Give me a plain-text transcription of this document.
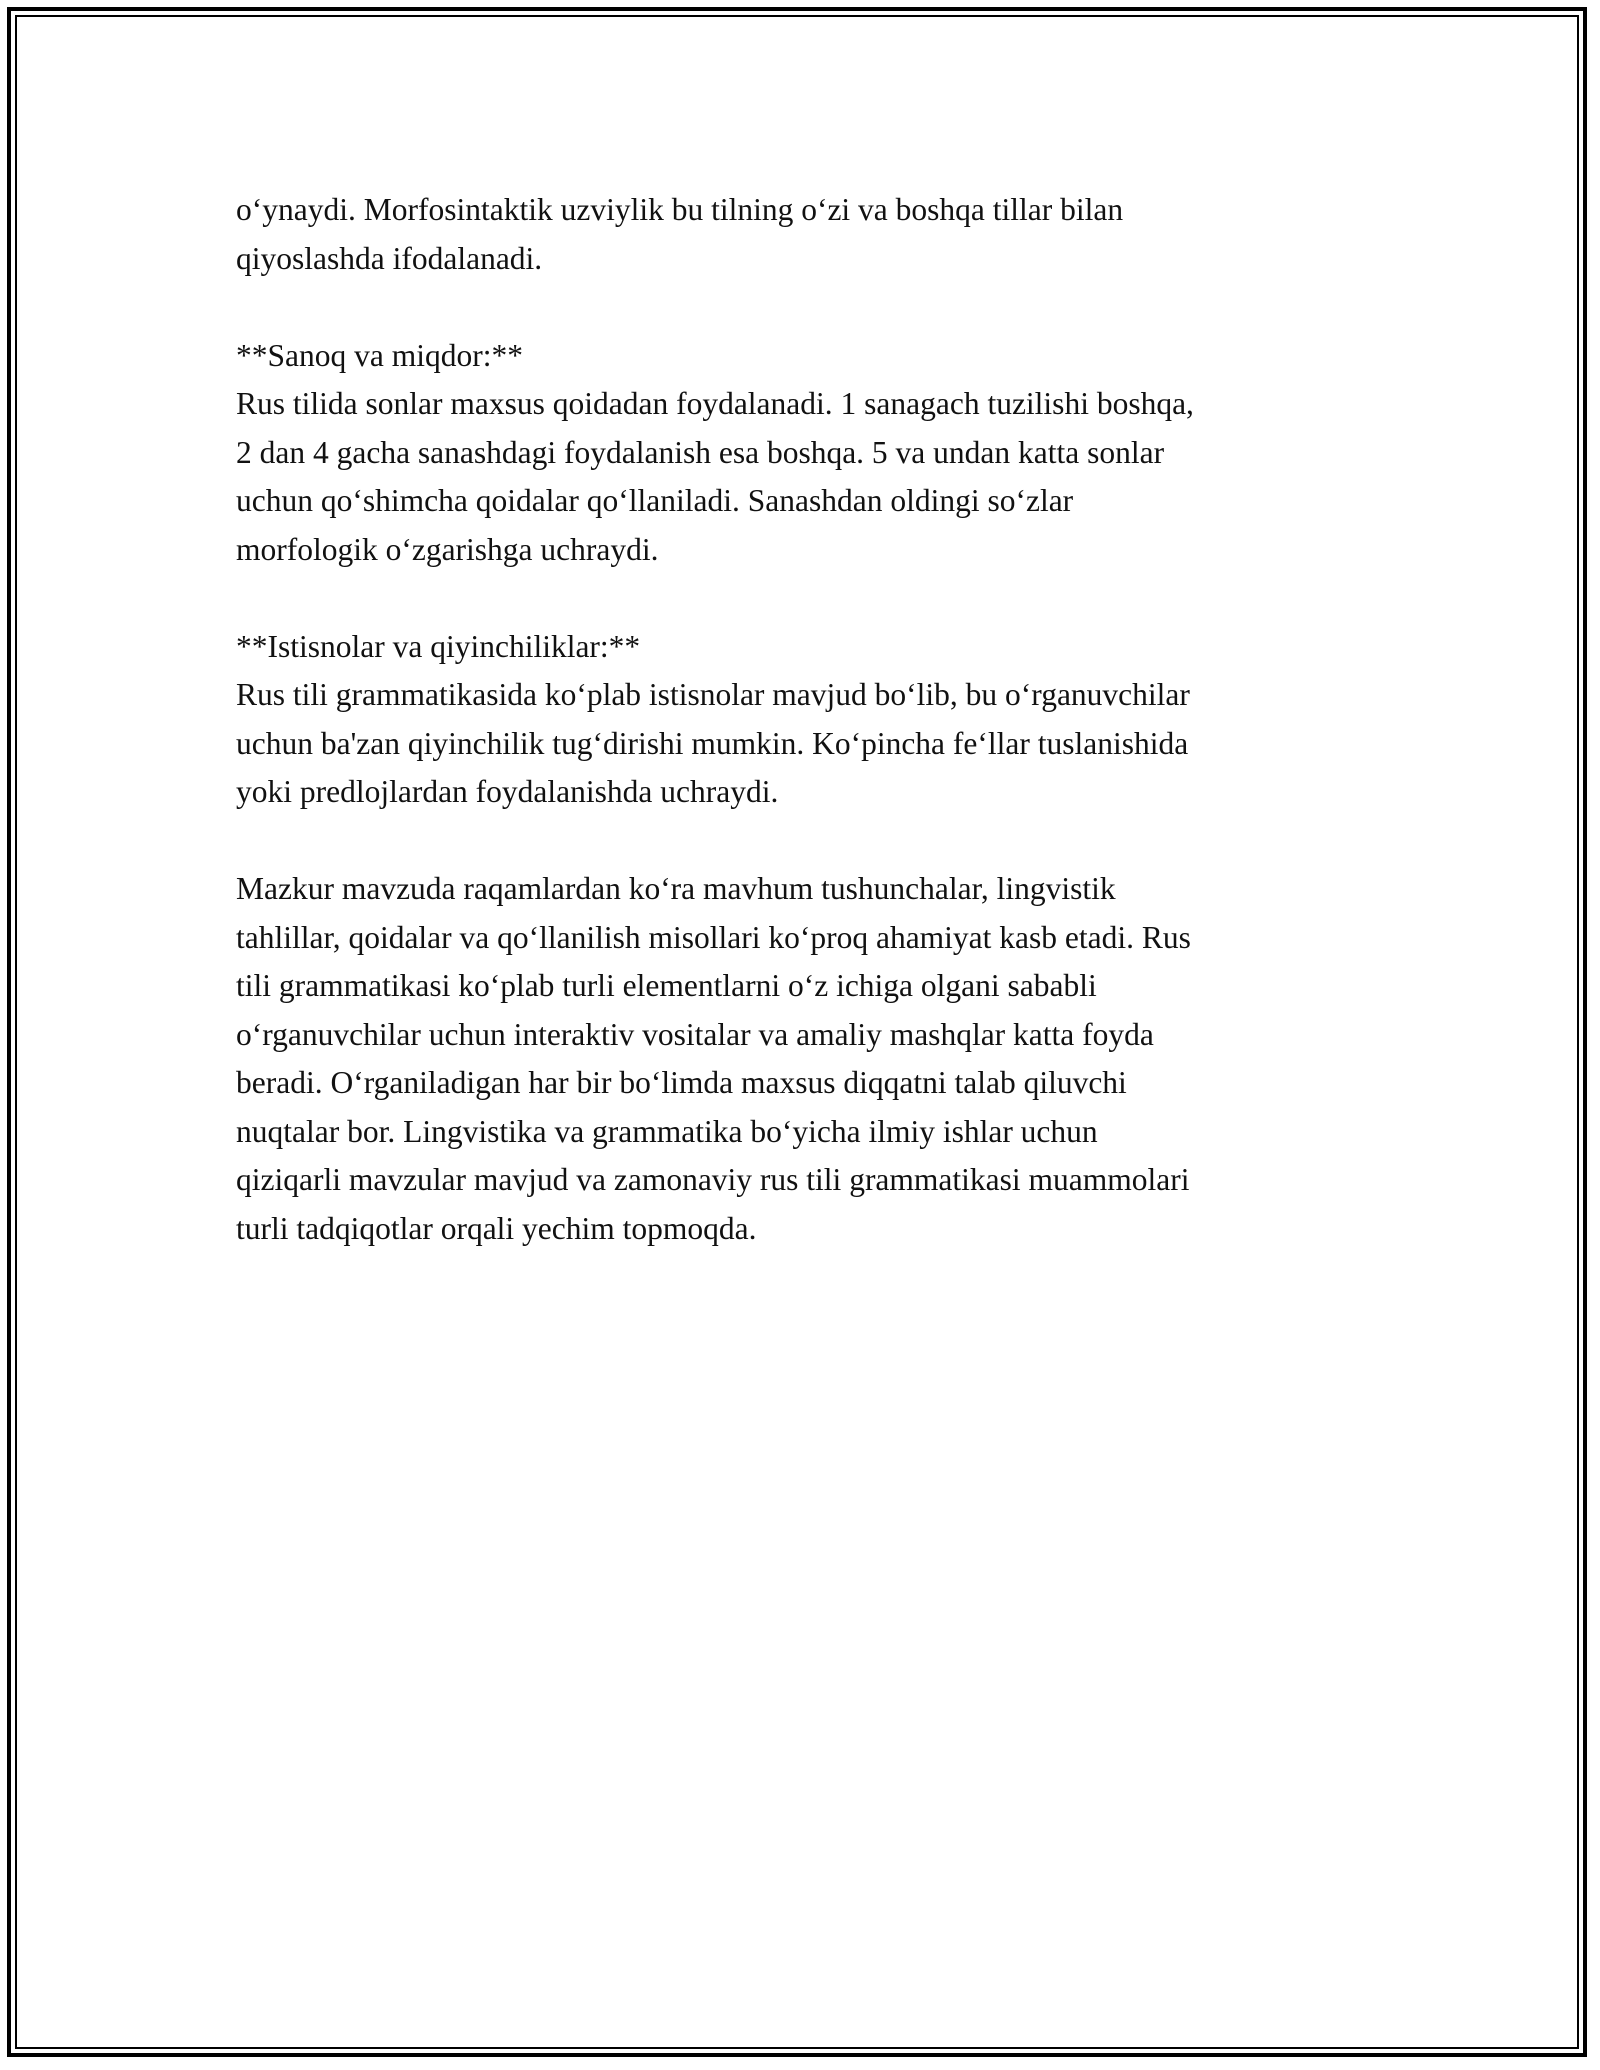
oʻynaydi. Morfosintaktik uzviylik bu tilning oʻzi va boshqa tillar bilan
qiyoslashda ifodalanadi.
**Sanoq va miqdor:**
Rus tilida sonlar maxsus qoidadan foydalanadi. 1 sanagach tuzilishi boshqa,
2 dan 4 gacha sanashdagi foydalanish esa boshqa. 5 va undan katta sonlar
uchun qoʻshimcha qoidalar qoʻllaniladi. Sanashdan oldingi soʻzlar
morfologik oʻzgarishga uchraydi.
**Istisnolar va qiyinchiliklar:**
Rus tili grammatikasida koʻplab istisnolar mavjud boʻlib, bu oʻrganuvchilar
uchun ba'zan qiyinchilik tugʻdirishi mumkin. Koʻpincha feʻllar tuslanishida
yoki predlojlardan foydalanishda uchraydi.
Mazkur mavzuda raqamlardan koʻra mavhum tushunchalar, lingvistik
tahlillar, qoidalar va qoʻllanilish misollari koʻproq ahamiyat kasb etadi. Rus
tili grammatikasi koʻplab turli elementlarni oʻz ichiga olgani sababli
oʻrganuvchilar uchun interaktiv vositalar va amaliy mashqlar katta foyda
beradi. Oʻrganiladigan har bir boʻlimda maxsus diqqatni talab qiluvchi
nuqtalar bor. Lingvistika va grammatika boʻyicha ilmiy ishlar uchun
qiziqarli mavzular mavjud va zamonaviy rus tili grammatikasi muammolari
turli tadqiqotlar orqali yechim topmoqda.
